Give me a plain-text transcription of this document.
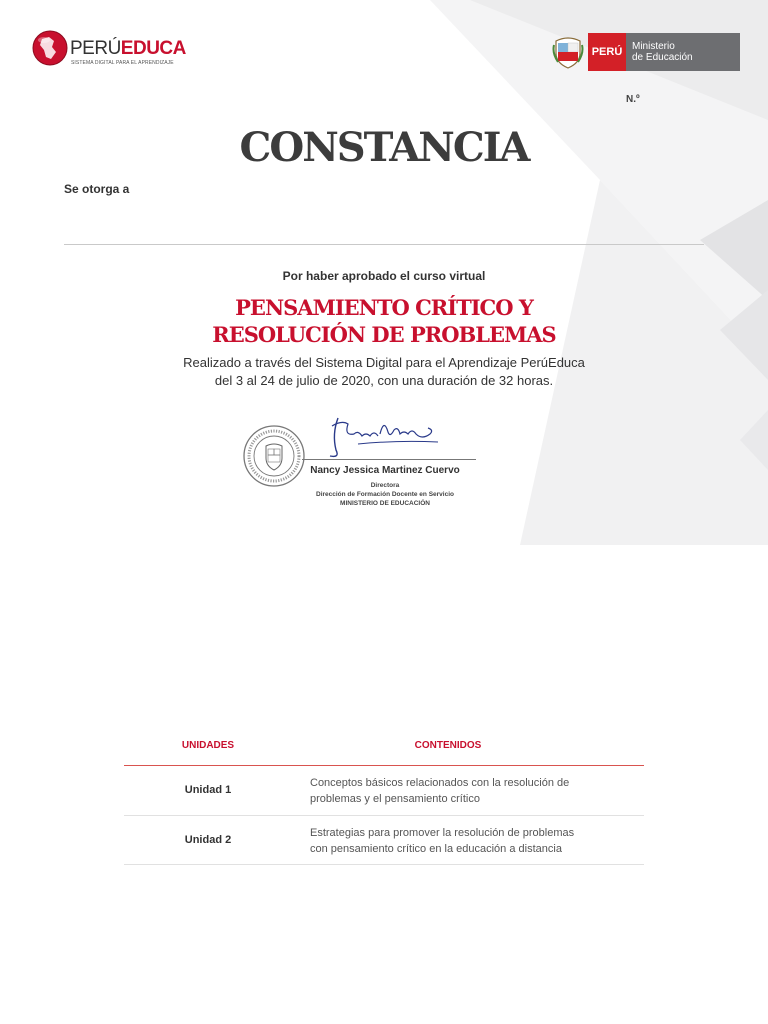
PERÚEDUCA
SISTEMA DIGITAL PARA EL APRENDIZAJE
PERÚ Ministerio
de Educación
N.º
CONSTANCIA
Se otorga a
Por haber aprobado el curso virtual
PENSAMIENTO CRÍTICO Y
RESOLUCIÓN DE PROBLEMAS
Realizado a través del Sistema Digital para el Aprendizaje PerúEduca
del 3 al 24 de julio de 2020, con una duración de 32 horas.
Nancy Jessica Martinez Cuervo
Directora
Dirección de Formación Docente en Servicio
MINISTERIO DE EDUCACIÓN
UNIDADES	CONTENIDOS
Unidad 1
Conceptos básicos relacionados con la resolución de
problemas y el pensamiento crítico
Unidad 2
Estrategias para promover la resolución de problemas
con pensamiento crítico en la educación a distancia
